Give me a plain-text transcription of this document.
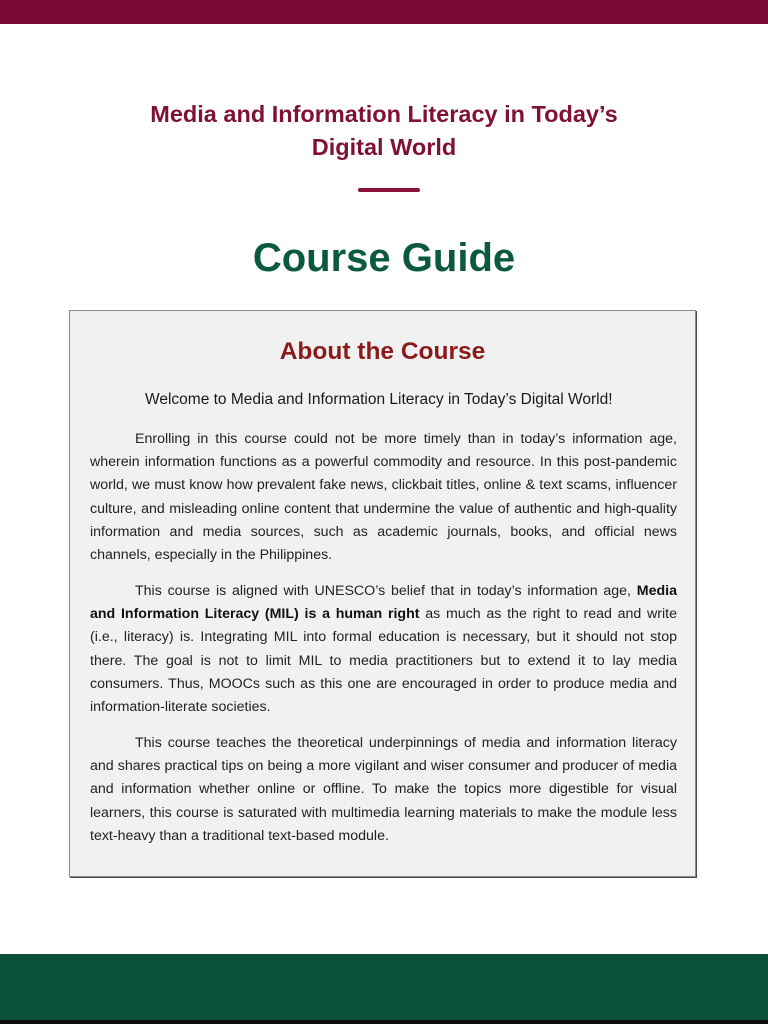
Media and Information Literacy in Today’s
Digital World
Course Guide
About the Course
Welcome to Media and Information Literacy in Today’s Digital World!

Enrolling in this course could not be more timely than in today’s information age, wherein information functions as a powerful commodity and resource. In this post-pandemic world, we must know how prevalent fake news, clickbait titles, online & text scams, influencer culture, and misleading online content that undermine the value of authentic and high-quality information and media sources, such as academic journals, books, and official news channels, especially in the Philippines.

This course is aligned with UNESCO’s belief that in today’s information age, Media and Information Literacy (MIL) is a human right as much as the right to read and write (i.e., literacy) is. Integrating MIL into formal education is necessary, but it should not stop there. The goal is not to limit MIL to media practitioners but to extend it to lay media consumers. Thus, MOOCs such as this one are encouraged in order to produce media and information-literate societies.

This course teaches the theoretical underpinnings of media and information literacy and shares practical tips on being a more vigilant and wiser consumer and producer of media and information whether online or offline. To make the topics more digestible for visual learners, this course is saturated with multimedia learning materials to make the module less text-heavy than a traditional text-based module.
